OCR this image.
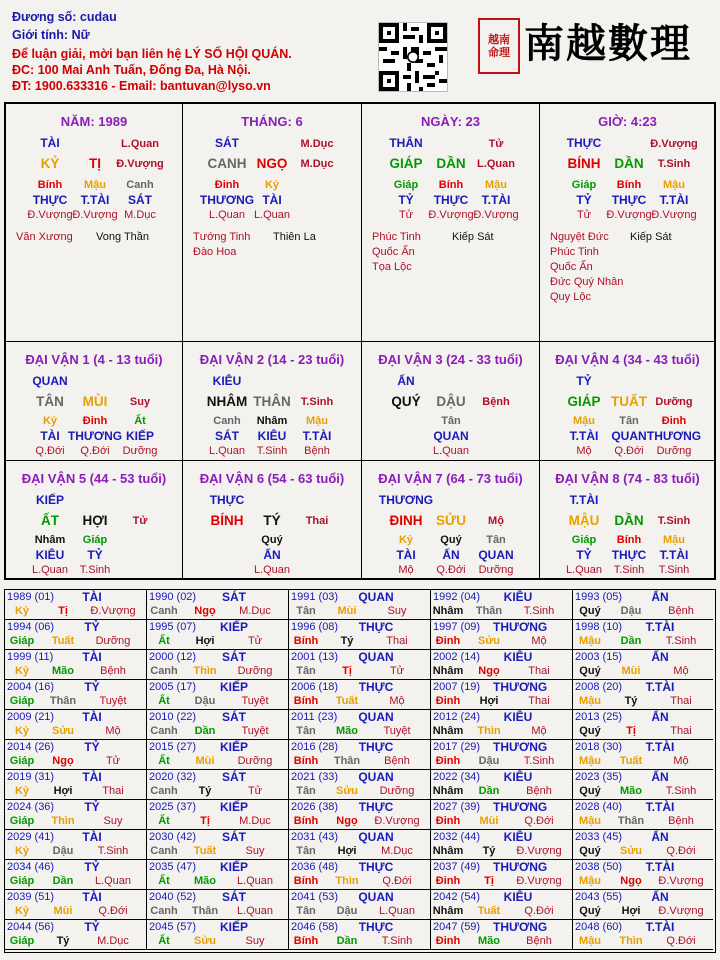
Đương số: cudau
Giới tính: Nữ
Để luận giải, mời bạn liên hệ LÝ SỐ HỘI QUÁN.
ĐC: 100 Mai Anh Tuấn, Đống Đa, Hà Nội.
ĐT: 1900.633316 - Email: bantuvan@lyso.vn
越南命理 南越數理
NĂM: 1989
TÀI	L.Quan
KỶ TỊ Đ.Vượng
Bính Mậu Canh
THỰC T.TÀI SÁT
Đ.Vượng Đ.Vượng M.Dục
Văn Xương Vong Thần
THÁNG: 6
SÁT	M.Dục
CANH NGỌ M.Dục
Đinh Kỷ
THƯƠNG TÀI
L.Quan L.Quan
Tướng Tinh Thiên La
Đào Hoa
NGÀY: 23
THÂN	Tử
GIÁP DẦN L.Quan
Giáp Bính Mậu
TỶ THỰC T.TÀI
Tử Đ.Vượng Đ.Vượng
Phúc Tinh	Kiếp Sát
Quốc Ấn
Tọa Lộc
GIỜ: 4:23
THỰC	Đ.Vượng
BÍNH DẦN T.Sinh
Giáp Bính Mậu
TỶ THỰC T.TÀI
Tử Đ.Vượng Đ.Vượng
Nguyệt Đức Kiếp Sát
Phúc Tinh
Quốc Ấn
Đức Quý Nhân
Quy Lộc
ĐẠI VẬN 1 (4 - 13 tuổi)
QUAN
TÂN MÙI Suy
Kỷ Đinh Ất
TÀI THƯƠNG KIẾP
Q.Đới Q.Đới Dưỡng
ĐẠI VẬN 2 (14 - 23 tuổi)
KIÊU
NHÂM THÂN T.Sinh
Canh Nhâm Mậu
SÁT KIÊU T.TÀI
L.Quan T.Sinh Bệnh
ĐẠI VẬN 3 (24 - 33 tuổi)
ẤN
QUÝ DẬU Bệnh
Tân
QUAN
L.Quan
ĐẠI VẬN 4 (34 - 43 tuổi)
TỶ
GIÁP TUẤT Dưỡng
Mậu Tân Đinh
T.TÀI QUAN THƯƠNG
Mộ Q.Đới Dưỡng
ĐẠI VẬN 5 (44 - 53 tuổi)
KIẾP
ẤT HỢI Tử
Nhâm Giáp
KIÊU TỶ
L.Quan T.Sinh
ĐẠI VẬN 6 (54 - 63 tuổi)
THỰC
BÍNH TÝ Thai
Quý
ẤN
L.Quan
ĐẠI VẬN 7 (64 - 73 tuổi)
THƯƠNG
ĐINH SỬU Mộ
Kỷ Quý Tân
TÀI ẤN QUAN
Mộ Q.Đới Dưỡng
ĐẠI VẬN 8 (74 - 83 tuổi)
T.TÀI
MẬU DẦN T.Sinh
Giáp Bính Mậu
TỶ THỰC T.TÀI
L.Quan T.Sinh T.Sinh
1989 (01)	TÀI
Kỷ	Tị Đ.Vượng
1990 (02)	SÁT
Canh Ngọ M.Dục
1991 (03)	QUAN
Tân Mùi	Suy
1992 (04)	KIÊU
Nhâm Thân T.Sinh
1993 (05)	ẤN
Quý Dậu Bệnh
1994 (06)	TỶ
Giáp Tuất Dưỡng
1995 (07)	KIẾP
Ất Hợi	Tử
1996 (08)	THỰC
Bính Tý	Thai
1997 (09) THƯƠNG
Đinh Sửu	Mộ
1998 (10)	T.TÀI
Mậu Dần T.Sinh
1999 (11)	TÀI
Kỷ Mão Bệnh
2000 (12)	SÁT
Canh Thìn Dưỡng
2001 (13)	QUAN
Tân Tị	Tử
2002 (14)	KIÊU
Nhâm Ngọ	Thai
2003 (15)	ẤN
Quý Mùi	Mộ
2004 (16)	TỶ
Giáp Thân Tuyệt
2005 (17)	KIẾP
Ất Dậu Tuyệt
2006 (18)	THỰC
Bính Tuất	Mộ
2007 (19) THƯƠNG
Đinh Hợi	Thai
2008 (20)	T.TÀI
Mậu Tý	Thai
2009 (21)	TÀI
Kỷ Sửu	Mộ
2010 (22)	SÁT
Canh Dần Tuyệt
2011 (23)	QUAN
Tân Mão Tuyệt
2012 (24)	KIÊU
Nhâm Thìn	Mộ
2013 (25)	ẤN
Quý Tị	Thai
2014 (26)	TỶ
Giáp Ngọ	Tử
2015 (27)	KIẾP
Ất Mùi Dưỡng
2016 (28)	THỰC
Bính Thân Bệnh
2017 (29) THƯƠNG
Đinh Dậu T.Sinh
2018 (30)	T.TÀI
Mậu Tuất	Mộ
2019 (31)	TÀI
Kỷ Hợi	Thai
2020 (32)	SÁT
Canh Tý	Tử
2021 (33)	QUAN
Tân Sửu Dưỡng
2022 (34)	KIÊU
Nhâm Dần Bệnh
2023 (35)	ẤN
Quý Mão T.Sinh
2024 (36)	TỶ
Giáp Thìn	Suy
2025 (37)	KIẾP
Ất	Tị	M.Dục
2026 (38)	THỰC
Bính Ngọ Đ.Vượng
2027 (39) THƯƠNG
Đinh Mùi Q.Đới
2028 (40)	T.TÀI
Mậu Thân Bệnh
2029 (41)	TÀI
Kỷ Dậu T.Sinh
2030 (42)	SÁT
Canh Tuất	Suy
2031 (43)	QUAN
Tân Hợi M.Dục
2032 (44)	KIÊU
Nhâm Tý Đ.Vượng
2033 (45)	ẤN
Quý Sửu Q.Đới
2034 (46)	TỶ
Giáp Dần L.Quan
2035 (47)	KIẾP
Ất Mão L.Quan
2036 (48)	THỰC
Bính Thìn Q.Đới
2037 (49) THƯƠNG
Đinh Tị Đ.Vượng
2038 (50)	T.TÀI
Mậu Ngọ Đ.Vượng
2039 (51)	TÀI
Kỷ Mùi Q.Đới
2040 (52)	SÁT
Canh Thân L.Quan
2041 (53)	QUAN
Tân Dậu L.Quan
2042 (54)	KIÊU
Nhâm Tuất Q.Đới
2043 (55)	ẤN
Quý Hợi Đ.Vượng
2044 (56)	TỶ
Giáp Tý	M.Dục
2045 (57)	KIẾP
Ất Sửu	Suy
2046 (58)	THỰC
Bính Dần T.Sinh
2047 (59) THƯƠNG
Đinh Mão Bệnh
2048 (60)	T.TÀI
Mậu Thìn Q.Đới
